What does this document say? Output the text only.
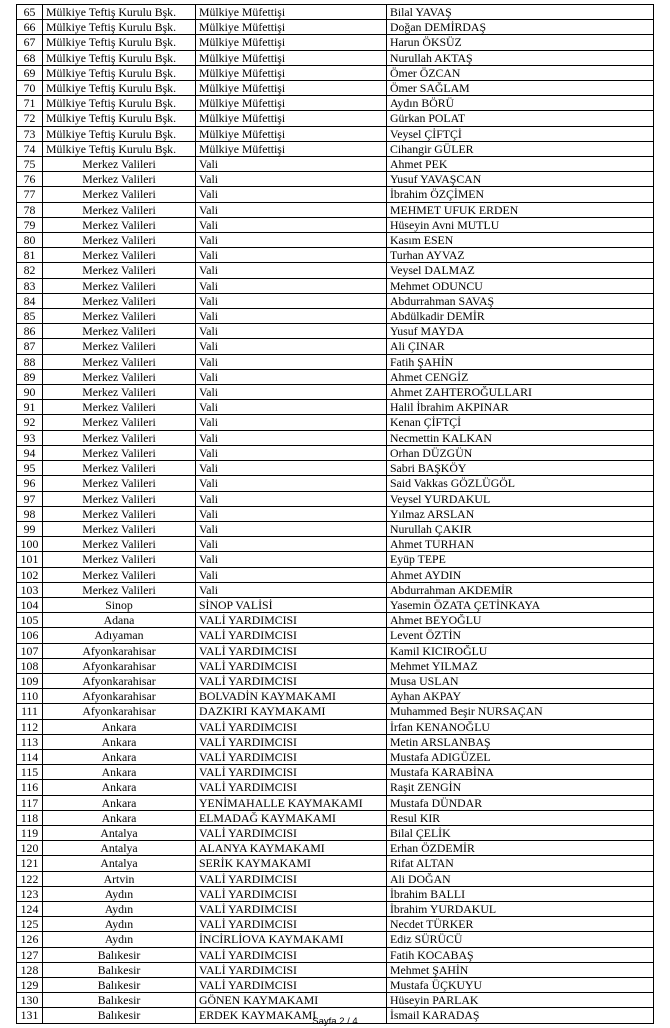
65	Mülkiye Teftiş Kurulu Bşk.	Mülkiye Müfettişi	Bilal YAVAŞ
66	Mülkiye Teftiş Kurulu Bşk.	Mülkiye Müfettişi	Doğan DEMİRDAŞ
67	Mülkiye Teftiş Kurulu Bşk.	Mülkiye Müfettişi	Harun ÖKSÜZ
68	Mülkiye Teftiş Kurulu Bşk.	Mülkiye Müfettişi	Nurullah AKTAŞ
69	Mülkiye Teftiş Kurulu Bşk.	Mülkiye Müfettişi	Ömer ÖZCAN
70	Mülkiye Teftiş Kurulu Bşk.	Mülkiye Müfettişi	Ömer SAĞLAM
71	Mülkiye Teftiş Kurulu Bşk.	Mülkiye Müfettişi	Aydın BÖRÜ
72	Mülkiye Teftiş Kurulu Bşk.	Mülkiye Müfettişi	Gürkan POLAT
73	Mülkiye Teftiş Kurulu Bşk.	Mülkiye Müfettişi	Veysel ÇİFTÇİ
74	Mülkiye Teftiş Kurulu Bşk.	Mülkiye Müfettişi	Cihangir GÜLER
75	Merkez Valileri	Vali	Ahmet PEK
76	Merkez Valileri	Vali	Yusuf YAVAŞCAN
77	Merkez Valileri	Vali	İbrahim ÖZÇİMEN
78	Merkez Valileri	Vali	MEHMET UFUK ERDEN
79	Merkez Valileri	Vali	Hüseyin Avni MUTLU
80	Merkez Valileri	Vali	Kasım ESEN
81	Merkez Valileri	Vali	Turhan AYVAZ
82	Merkez Valileri	Vali	Veysel DALMAZ
83	Merkez Valileri	Vali	Mehmet ODUNCU
84	Merkez Valileri	Vali	Abdurrahman SAVAŞ
85	Merkez Valileri	Vali	Abdülkadir DEMİR
86	Merkez Valileri	Vali	Yusuf MAYDA
87	Merkez Valileri	Vali	Ali ÇINAR
88	Merkez Valileri	Vali	Fatih ŞAHİN
89	Merkez Valileri	Vali	Ahmet CENGİZ
90	Merkez Valileri	Vali	Ahmet ZAHTEROĞULLARI
91	Merkez Valileri	Vali	Halil İbrahim AKPINAR
92	Merkez Valileri	Vali	Kenan ÇİFTÇİ
93	Merkez Valileri	Vali	Necmettin KALKAN
94	Merkez Valileri	Vali	Orhan DÜZGÜN
95	Merkez Valileri	Vali	Sabri BAŞKÖY
96	Merkez Valileri	Vali	Said Vakkas GÖZLÜGÖL
97	Merkez Valileri	Vali	Veysel YURDAKUL
98	Merkez Valileri	Vali	Yılmaz ARSLAN
99	Merkez Valileri	Vali	Nurullah ÇAKIR
100	Merkez Valileri	Vali	Ahmet TURHAN
101	Merkez Valileri	Vali	Eyüp TEPE
102	Merkez Valileri	Vali	Ahmet AYDIN
103	Merkez Valileri	Vali	Abdurrahman AKDEMİR
104	Sinop	SİNOP VALİSİ	Yasemin ÖZATA ÇETİNKAYA
105	Adana	VALİ YARDIMCISI	Ahmet BEYOĞLU
106	Adıyaman	VALİ YARDIMCISI	Levent ÖZTİN
107	Afyonkarahisar	VALİ YARDIMCISI	Kamil KICIROĞLU
108	Afyonkarahisar	VALİ YARDIMCISI	Mehmet YILMAZ
109	Afyonkarahisar	VALİ YARDIMCISI	Musa USLAN
110	Afyonkarahisar	BOLVADİN KAYMAKAMI	Ayhan AKPAY
111	Afyonkarahisar	DAZKIRI KAYMAKAMI	Muhammed Beşir NURSAÇAN
112	Ankara	VALİ YARDIMCISI	İrfan KENANOĞLU
113	Ankara	VALİ YARDIMCISI	Metin ARSLANBAŞ
114	Ankara	VALİ YARDIMCISI	Mustafa ADIGÜZEL
115	Ankara	VALİ YARDIMCISI	Mustafa KARABİNA
116	Ankara	VALİ YARDIMCISI	Raşit ZENGİN
117	Ankara	YENİMAHALLE KAYMAKAMI	Mustafa DÜNDAR
118	Ankara	ELMADAĞ KAYMAKAMI	Resul KIR
119	Antalya	VALİ YARDIMCISI	Bilal ÇELİK
120	Antalya	ALANYA KAYMAKAMI	Erhan ÖZDEMİR
121	Antalya	SERİK KAYMAKAMI	Rifat ALTAN
122	Artvin	VALİ YARDIMCISI	Ali DOĞAN
123	Aydın	VALİ YARDIMCISI	İbrahim BALLI
124	Aydın	VALİ YARDIMCISI	İbrahim YURDAKUL
125	Aydın	VALİ YARDIMCISI	Necdet TÜRKER
126	Aydın	İNCİRLİOVA KAYMAKAMI	Ediz SÜRÜCÜ
127	Balıkesir	VALİ YARDIMCISI	Fatih KOCABAŞ
128	Balıkesir	VALİ YARDIMCISI	Mehmet ŞAHİN
129	Balıkesir	VALİ YARDIMCISI	Mustafa ÜÇKUYU
130	Balıkesir	GÖNEN KAYMAKAMI	Hüseyin PARLAK
131	Balıkesir	ERDEK KAYMAKAMI	İsmail KARADAŞ
Sayfa 2 / 4
